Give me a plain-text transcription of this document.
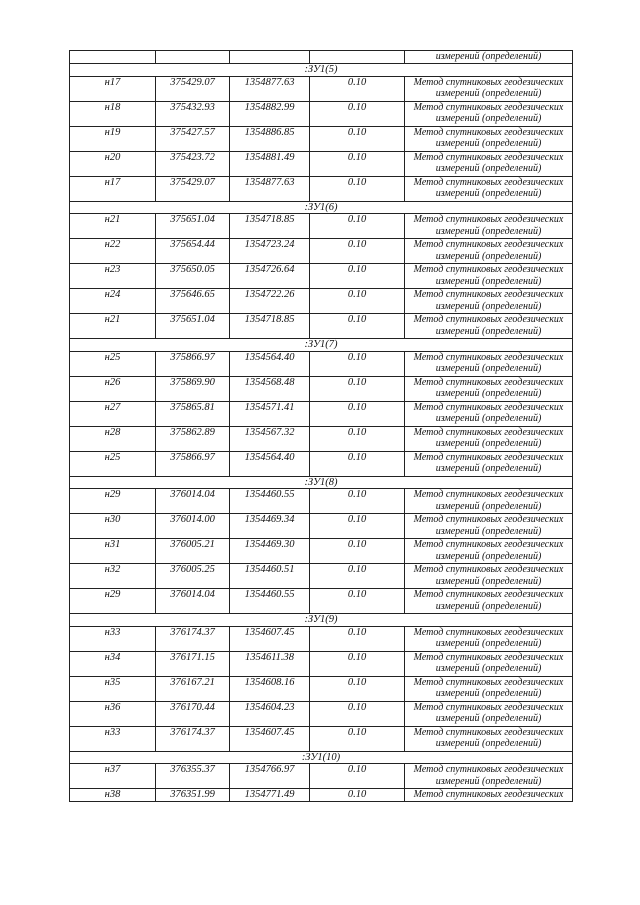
				измерений (определений)
:ЗУ1(5)				
н17	375429.07	1354877.63	0.10	Метод спутниковых геодезических измерений (определений)
н18	375432.93	1354882.99	0.10	Метод спутниковых геодезических измерений (определений)
н19	375427.57	1354886.85	0.10	Метод спутниковых геодезических измерений (определений)
н20	375423.72	1354881.49	0.10	Метод спутниковых геодезических измерений (определений)
н17	375429.07	1354877.63	0.10	Метод спутниковых геодезических измерений (определений)
:ЗУ1(6)				
н21	375651.04	1354718.85	0.10	Метод спутниковых геодезических измерений (определений)
н22	375654.44	1354723.24	0.10	Метод спутниковых геодезических измерений (определений)
н23	375650.05	1354726.64	0.10	Метод спутниковых геодезических измерений (определений)
н24	375646.65	1354722.26	0.10	Метод спутниковых геодезических измерений (определений)
н21	375651.04	1354718.85	0.10	Метод спутниковых геодезических измерений (определений)
:ЗУ1(7)				
н25	375866.97	1354564.40	0.10	Метод спутниковых геодезических измерений (определений)
н26	375869.90	1354568.48	0.10	Метод спутниковых геодезических измерений (определений)
н27	375865.81	1354571.41	0.10	Метод спутниковых геодезических измерений (определений)
н28	375862.89	1354567.32	0.10	Метод спутниковых геодезических измерений (определений)
н25	375866.97	1354564.40	0.10	Метод спутниковых геодезических измерений (определений)
:ЗУ1(8)				
н29	376014.04	1354460.55	0.10	Метод спутниковых геодезических измерений (определений)
н30	376014.00	1354469.34	0.10	Метод спутниковых геодезических измерений (определений)
н31	376005.21	1354469.30	0.10	Метод спутниковых геодезических измерений (определений)
н32	376005.25	1354460.51	0.10	Метод спутниковых геодезических измерений (определений)
н29	376014.04	1354460.55	0.10	Метод спутниковых геодезических измерений (определений)
:ЗУ1(9)				
н33	376174.37	1354607.45	0.10	Метод спутниковых геодезических измерений (определений)
н34	376171.15	1354611.38	0.10	Метод спутниковых геодезических измерений (определений)
н35	376167.21	1354608.16	0.10	Метод спутниковых геодезических измерений (определений)
н36	376170.44	1354604.23	0.10	Метод спутниковых геодезических измерений (определений)
н33	376174.37	1354607.45	0.10	Метод спутниковых геодезических измерений (определений)
:ЗУ1(10)				
н37	376355.37	1354766.97	0.10	Метод спутниковых геодезических измерений (определений)
н38	376351.99	1354771.49	0.10	Метод спутниковых геодезических
